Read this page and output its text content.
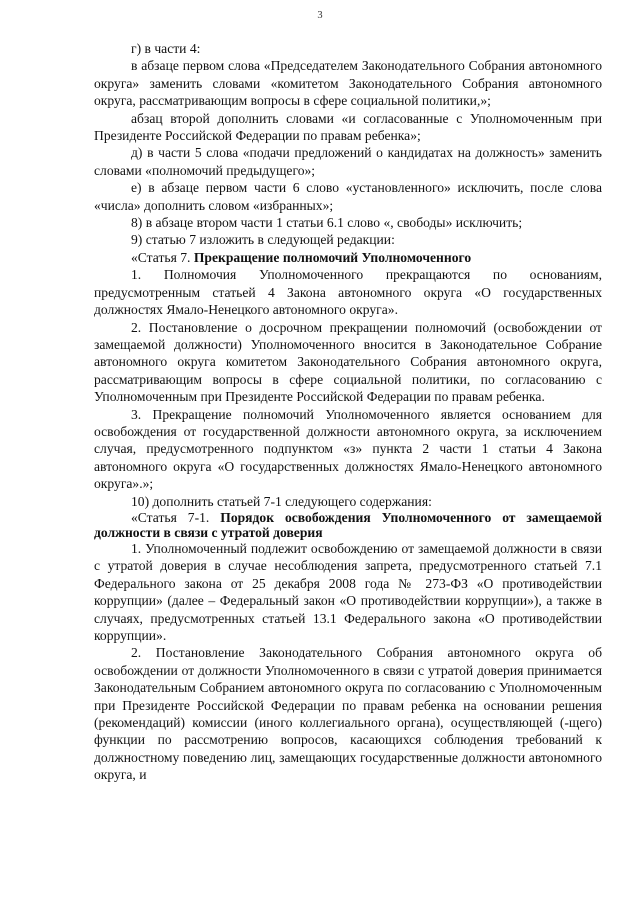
3

г) в части 4:

в абзаце первом слова «Председателем Законодательного Собрания автономного округа» заменить словами «комитетом Законодательного Собрания автономного округа, рассматривающим вопросы в сфере социальной политики,»;

абзац второй дополнить словами «и согласованные с Уполномоченным при Президенте Российской Федерации по правам ребенка»;

д) в части 5 слова «подачи предложений о кандидатах на должность» заменить словами «полномочий предыдущего»;

е) в абзаце первом части 6 слово «установленного» исключить, после слова «числа» дополнить словом «избранных»;

8) в абзаце втором части 1 статьи 6.1 слово «, свободы» исключить;

9) статью 7 изложить в следующей редакции:

«Статья 7. Прекращение полномочий Уполномоченного

1. Полномочия Уполномоченного прекращаются по основаниям, предусмотренным статьей 4 Закона автономного округа «О государственных должностях Ямало-Ненецкого автономного округа».

2. Постановление о досрочном прекращении полномочий (освобождении от замещаемой должности) Уполномоченного вносится в Законодательное Собрание автономного округа комитетом Законодательного Собрания автономного округа, рассматривающим вопросы в сфере социальной политики, по согласованию с Уполномоченным при Президенте Российской Федерации по правам ребенка.

3. Прекращение полномочий Уполномоченного является основанием для освобождения от государственной должности автономного округа, за исключением случая, предусмотренного подпунктом «з» пункта 2 части 1 статьи 4 Закона автономного округа «О государственных должностях Ямало-Ненецкого автономного округа».»;

10) дополнить статьей 7-1 следующего содержания:

«Статья 7-1. Порядок освобождения Уполномоченного от замещаемой должности в связи с утратой доверия

1. Уполномоченный подлежит освобождению от замещаемой должности в связи с утратой доверия в случае несоблюдения запрета, предусмотренного статьей 7.1 Федерального закона от 25 декабря 2008 года № 273-ФЗ «О противодействии коррупции» (далее – Федеральный закон «О противодействии коррупции»), а также в случаях, предусмотренных статьей 13.1 Федерального закона «О противодействии коррупции».

2. Постановление Законодательного Собрания автономного округа об освобождении от должности Уполномоченного в связи с утратой доверия принимается Законодательным Собранием автономного округа по согласованию с Уполномоченным при Президенте Российской Федерации по правам ребенка на основании решения (рекомендаций) комиссии (иного коллегиального органа), осуществляющей (-щего) функции по рассмотрению вопросов, касающихся соблюдения требований к должностному поведению лиц, замещающих государственные должности автономного округа, и
